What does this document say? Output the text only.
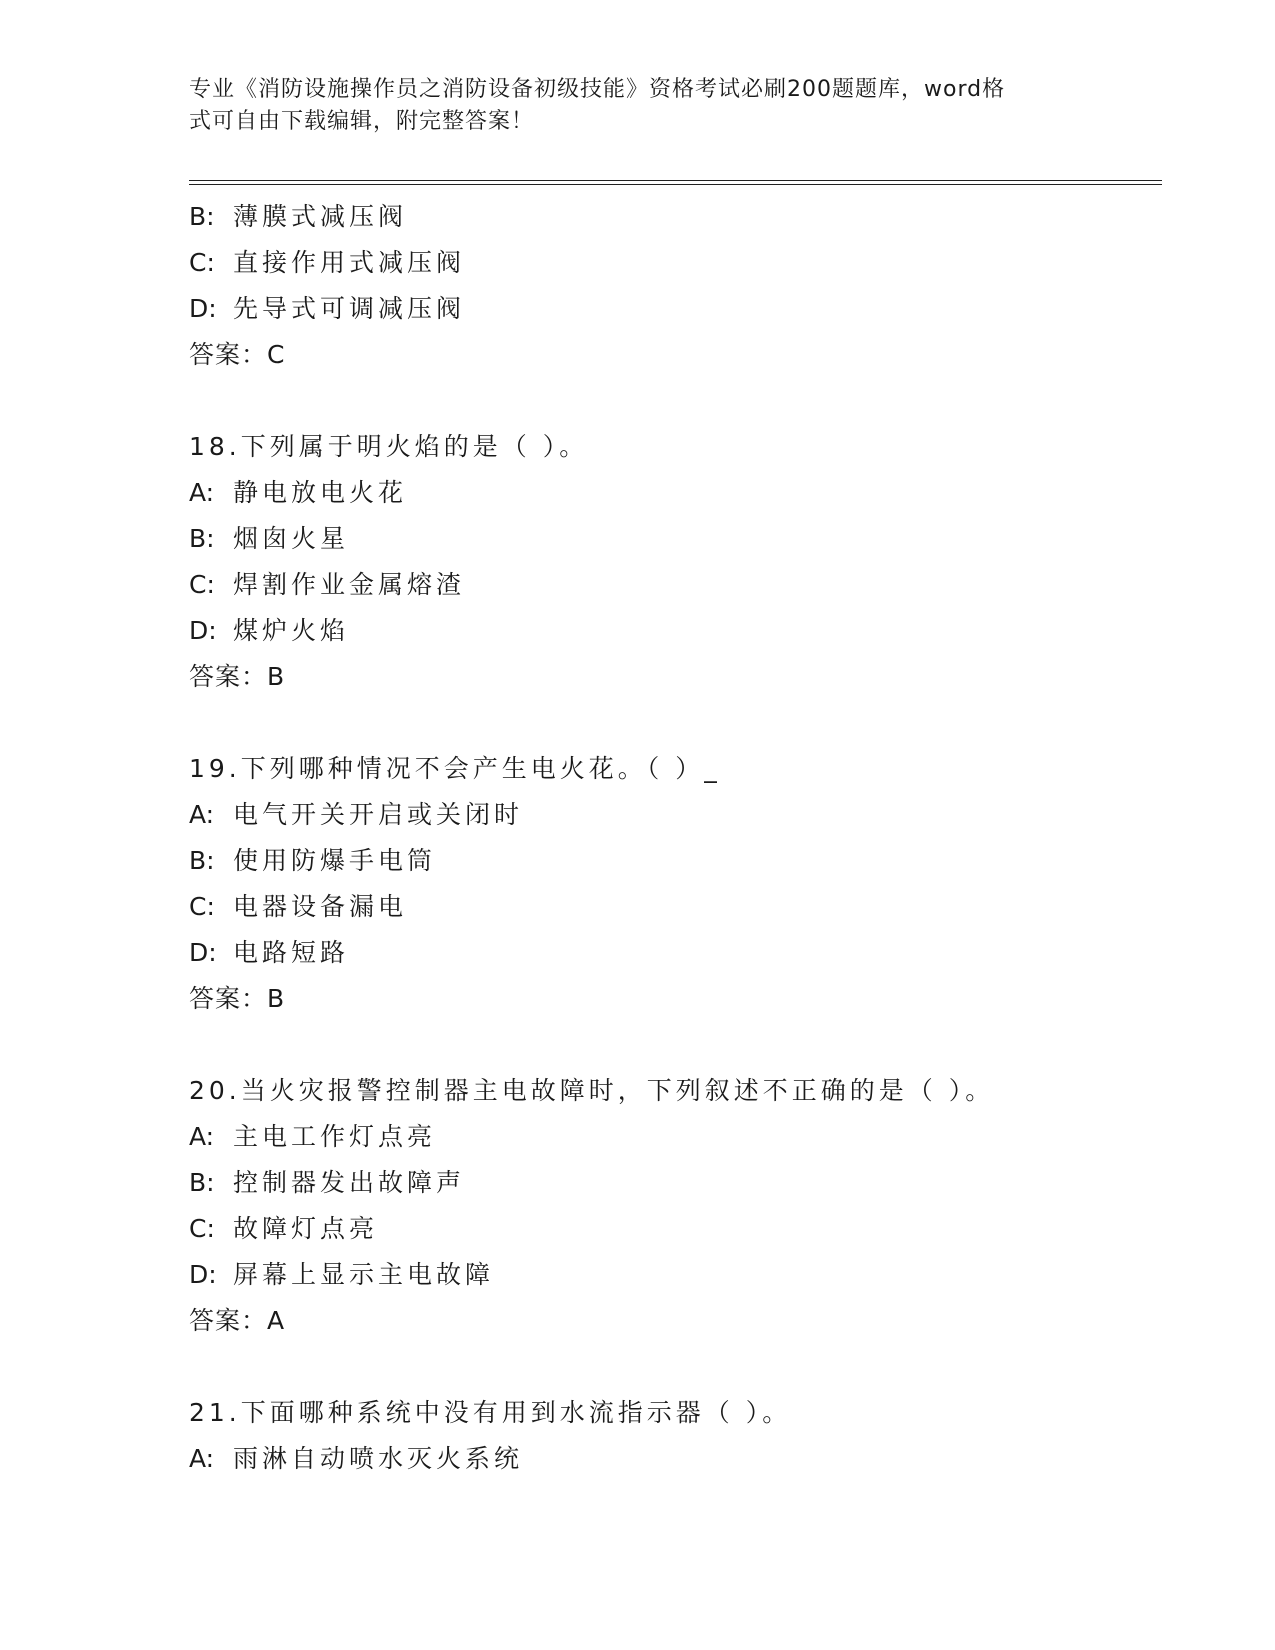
专业《消防设施操作员之消防设备初级技能》资格考试必刷200题题库，word格
式可自由下载编辑，附完整答案！
B: 薄膜式减压阀
C: 直接作用式减压阀
D: 先导式可调减压阀
答案：C
18.下列属于明火焰的是（ ）。
A: 静电放电火花
B: 烟囱火星
C: 焊割作业金属熔渣
D: 煤炉火焰
答案：B
19.下列哪种情况不会产生电火花。（ ）_
A: 电气开关开启或关闭时
B: 使用防爆手电筒
C: 电器设备漏电
D: 电路短路
答案：B
20.当火灾报警控制器主电故障时，下列叙述不正确的是（ ）。
A: 主电工作灯点亮
B: 控制器发出故障声
C: 故障灯点亮
D: 屏幕上显示主电故障
答案：A
21.下面哪种系统中没有用到水流指示器（ ）。
A: 雨淋自动喷水灭火系统
